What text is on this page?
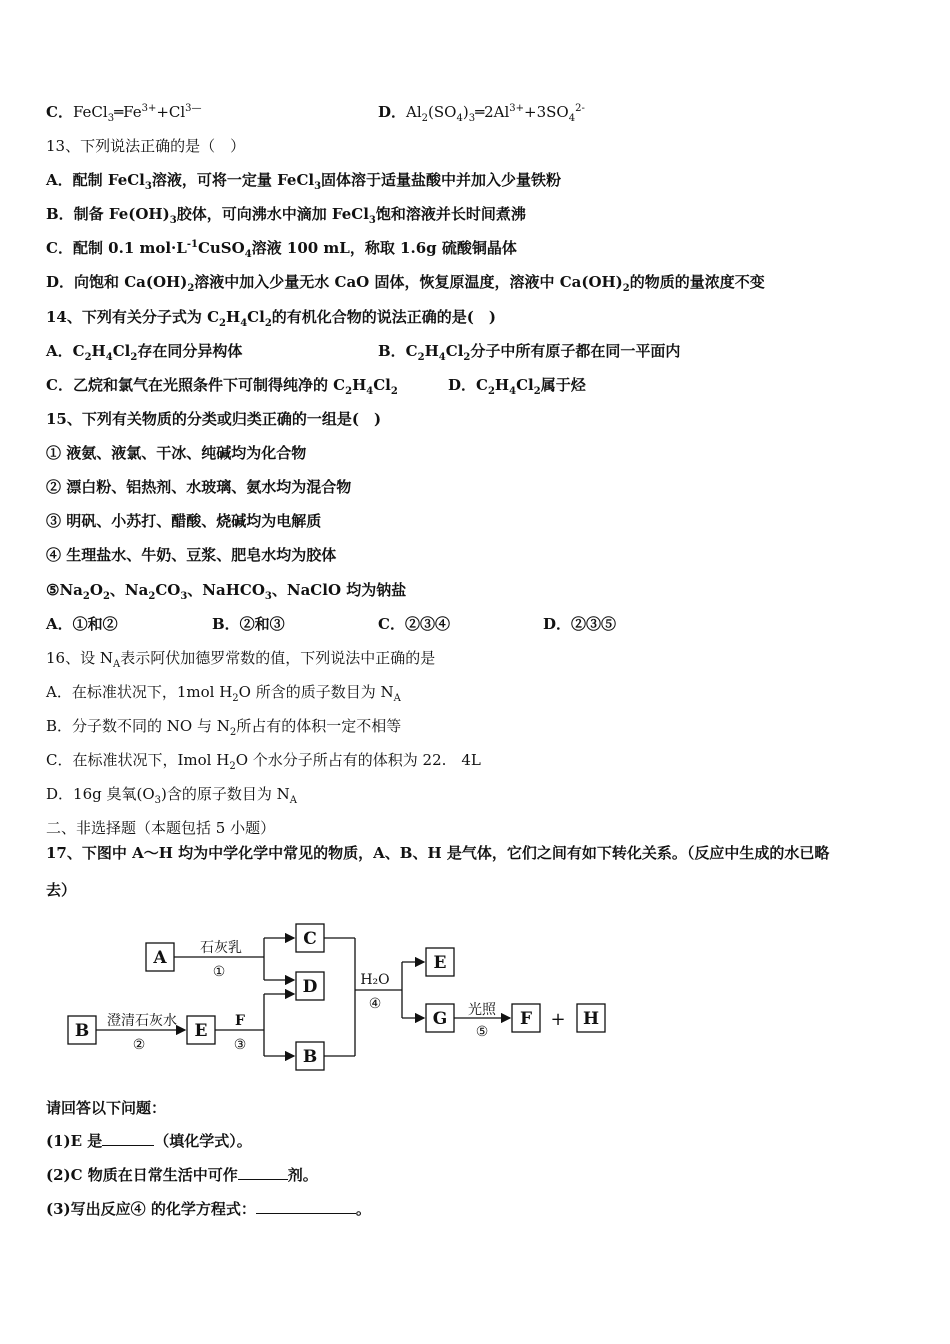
C．$FeCl_3═Fe^{3+}+Cl^{3—}$	D．$Al_2(SO_4)_3═2Al^{3+}+3SO_4^{2-}$
13、下列说法正确的是（　）
A．配制 FeCl$_3$溶液，可将一定量 FeCl$_3$固体溶于适量盐酸中并加入少量铁粉
B．制备 $Fe(OH)_3$胶体，可向沸水中滴加 FeCl$_3$饱和溶液并长时间煮沸
C．配制 0.1 $mol\cdot L^{-1}CuSO_4$溶液 100 mL，称取 1.6g 硫酸铜晶体
D．向饱和 $Ca(OH)_2$溶液中加入少量无水 CaO 固体，恢复原温度，溶液中 $Ca(OH)_2$的物质的量浓度不变
14、下列有关分子式为 $C_2H_4Cl_2$的有机化合物的说法正确的是(　)
A．$C_2H_4Cl_2$存在同分异构体	B．$C_2H_4Cl_2$分子中所有原子都在同一平面内
C．乙烷和氯气在光照条件下可制得纯净的 $C_2H_4Cl_2$	D．$C_2H_4Cl_2$属于烃
15、下列有关物质的分类或归类正确的一组是(　)
① 液氨、液氯、干冰、纯碱均为化合物
② 漂白粉、铝热剂、水玻璃、氨水均为混合物
③ 明矾、小苏打、醋酸、烧碱均为电解质
④ 生理盐水、牛奶、豆浆、肥皂水均为胶体
$⑤Na_2O_2$、$Na_2CO_3$、NaHCO$_3$、NaClO 均为钠盐
A．①和②	B．②和③	C．②③④	D．②③⑤
16、设 $N_A$表示阿伏加德罗常数的值，下列说法中正确的是
A．在标准状况下，1mol $H_2O$ 所含的质子数目为 $N_A$
B．分子数不同的 NO 与 $N_2$所占有的体积一定不相等
C．在标准状况下，Imol $H_2O$ 个水分子所占有的体积为 22.　4L
D．16g 臭氧$(O_3)$含的原子数目为 $N_A$
二、非选择题（本题包括 5 小题）
17、下图中 A～H 均为中学化学中常见的物质，A、B、H 是气体，它们之间有如下转化关系。（反应中生成的水已略
去）
A
C
D
B	E
B
E
G	F	H
+
石灰乳
①
澄清石灰水
②
F
③
H₂O
④	光照
⑤
请回答以下问题：
(1)E 是	（填化学式）。
(2)C 物质在日常生活中可作	剂。
(3)写出反应④ 的化学方程式：	。
